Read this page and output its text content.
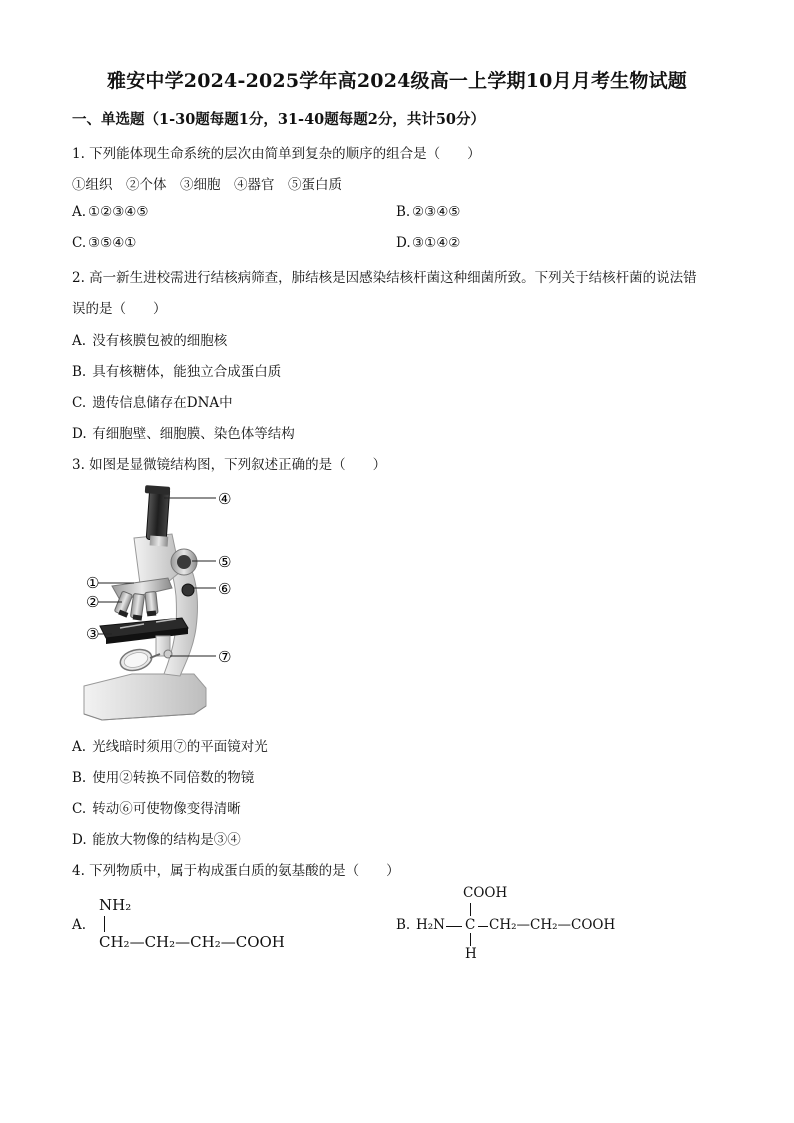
雅安中学2024-2025学年高2024级高一上学期10月月考生物试题
一、单选题（1-30题每题1分，31-40题每题2分，共计50分）
1. 下列能体现生命系统的层次由简单到复杂的顺序的组合是（　　）
①组织　②个体　③细胞　④器官　⑤蛋白质
A. ①②③④⑤	B. ②③④⑤
C. ③⑤④①	D.③①④②
2. 高一新生进校需进行结核病筛查，肺结核是因感染结核杆菌这种细菌所致。下列关于结核杆菌的说法错
误的是（　　）
A. 没有核膜包被的细胞核
B. 具有核糖体，能独立合成蛋白质
C. 遗传信息储存在DNA中
D. 有细胞壁、细胞膜、染色体等结构
3. 如图是显微镜结构图，下列叙述正确的是（　　）
①
②
③
④
⑤
⑥
⑦
A. 光线暗时须用⑦的平面镜对光
B. 使用②转换不同倍数的物镜
C. 转动⑥可使物像变得清晰
D. 能放大物像的结构是③④
4. 下列物质中，属于构成蛋白质的氨基酸的是（　　）
A.
NH₂
CH₂—CH₂—CH₂—COOH
B.
COOH
H₂N C CH₂—CH₂—COOH
H
